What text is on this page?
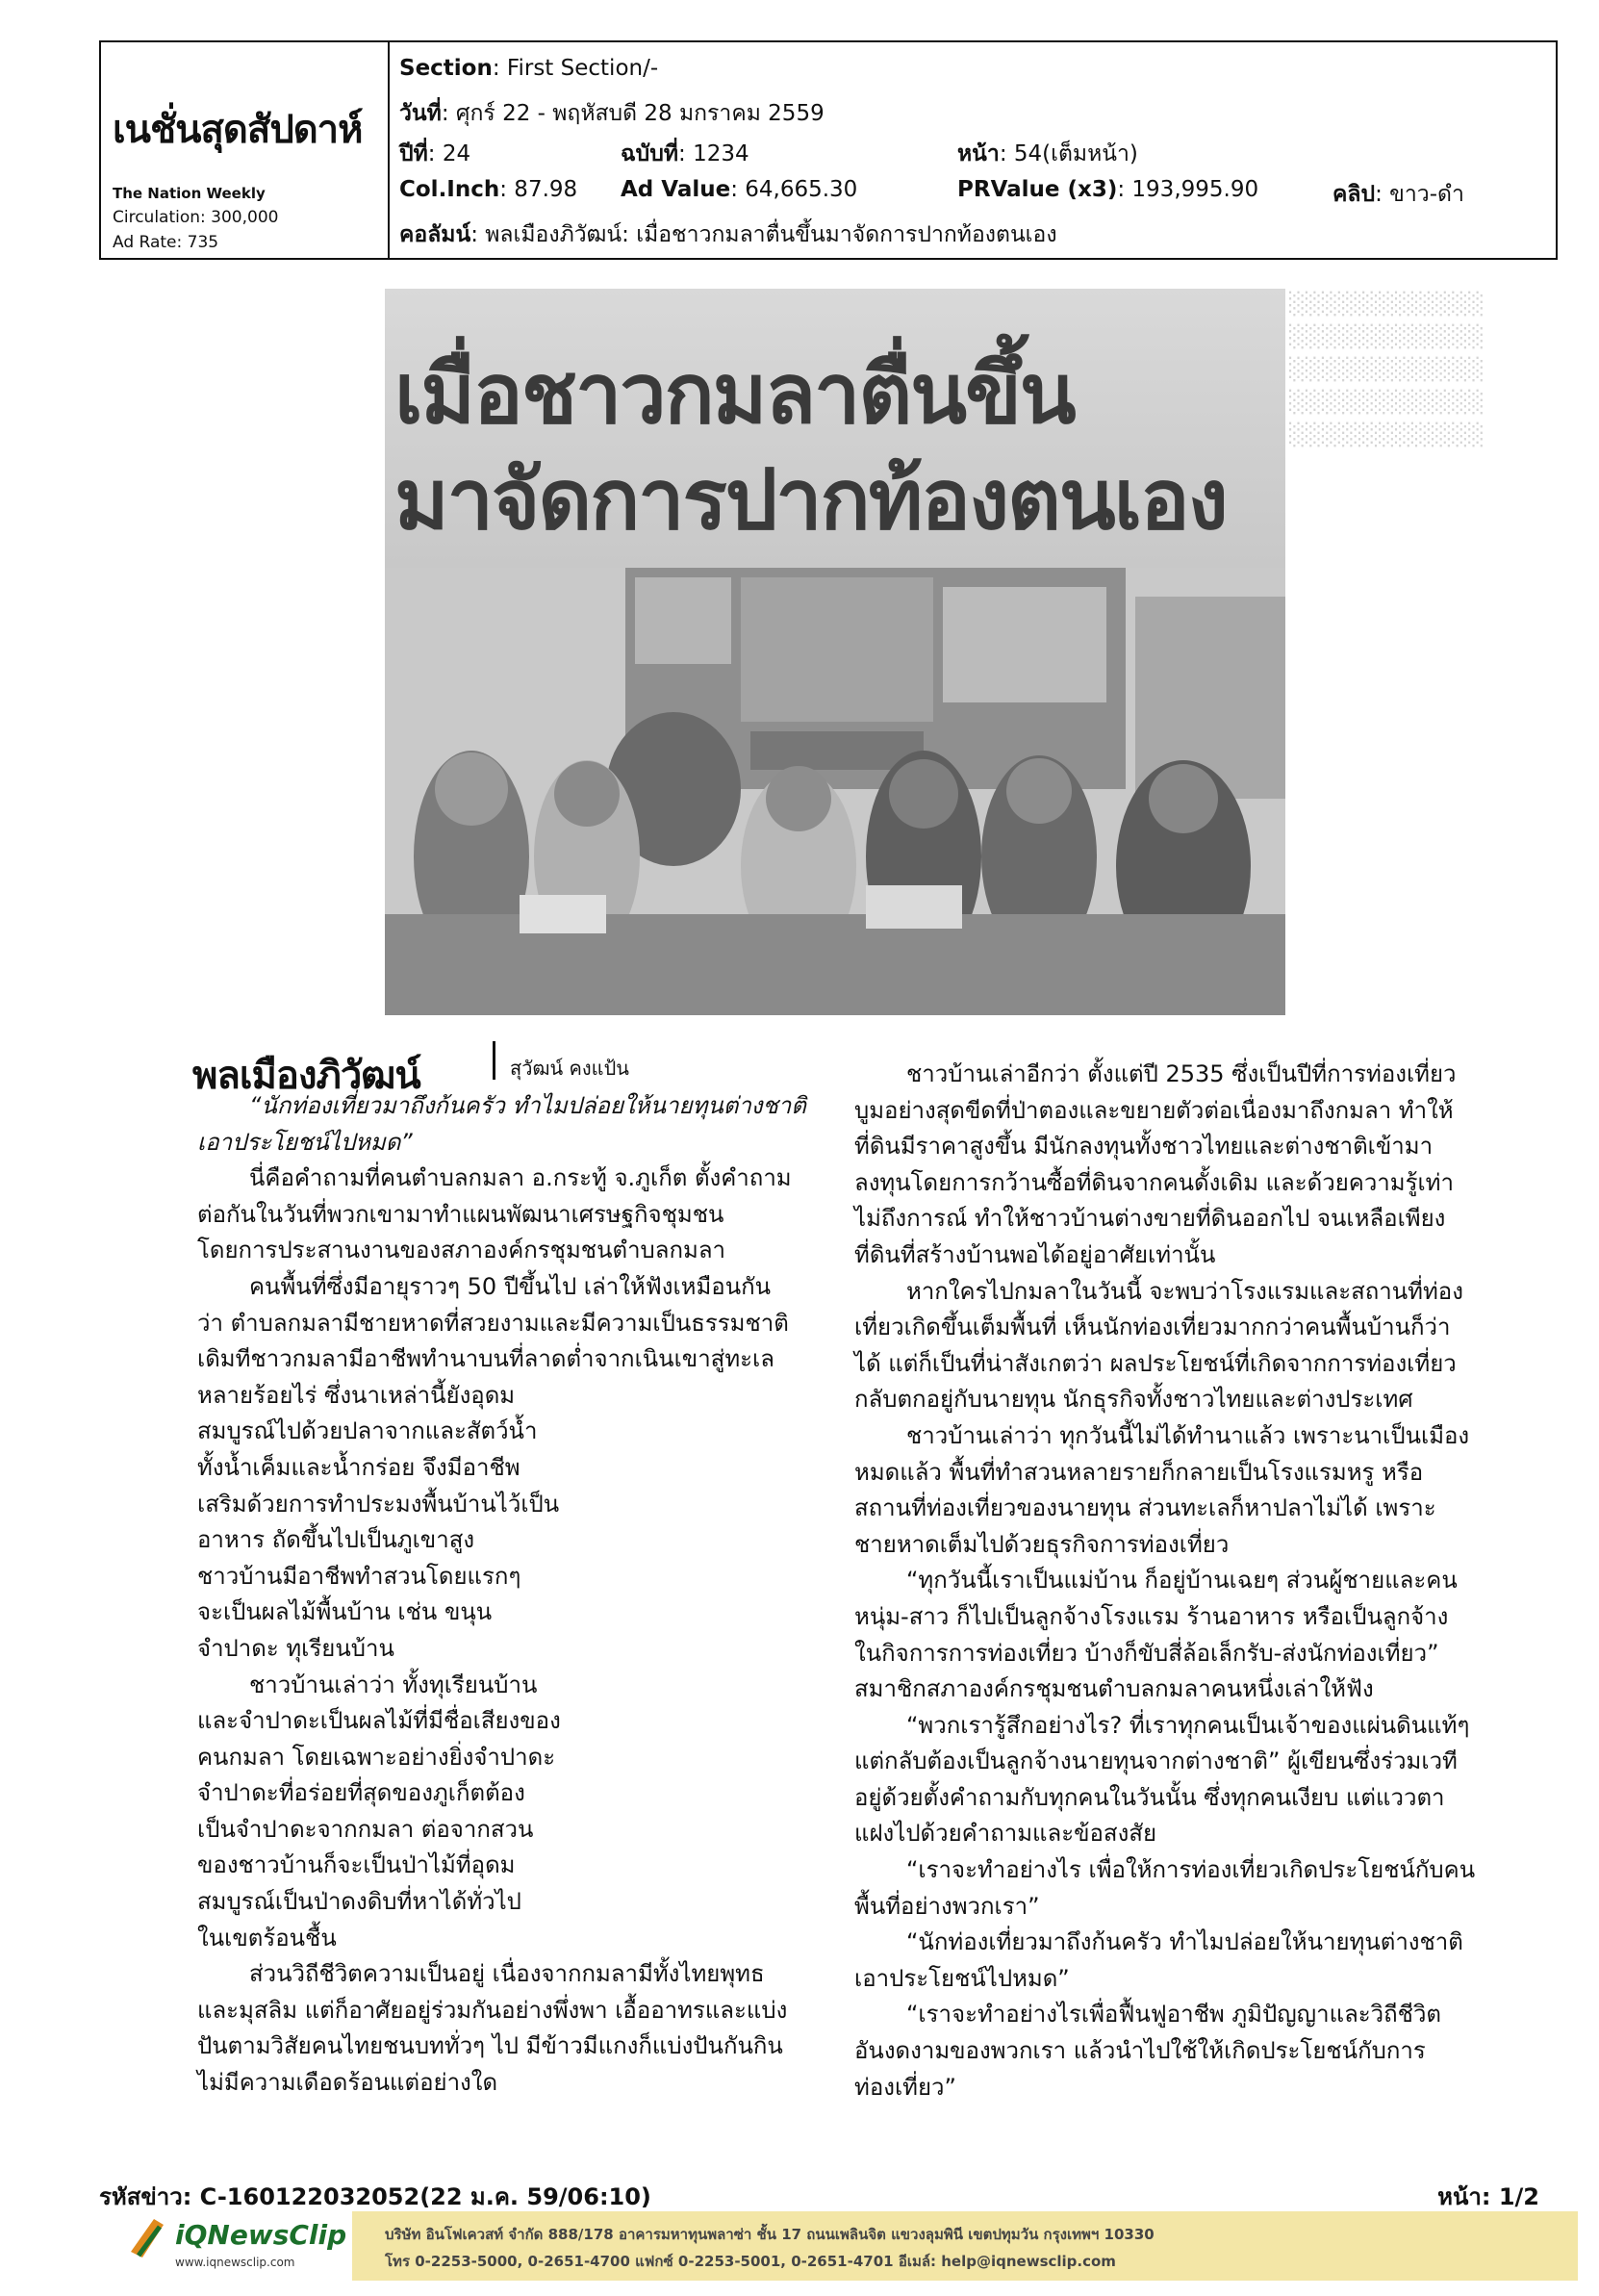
เนชั่นสุดสัปดาห์
The Nation Weekly
Circulation: 300,000
Ad Rate: 735
Section: First Section/-
วันที่: ศุกร์ 22 - พฤหัสบดี 28 มกราคม 2559
ปีที่: 24	ฉบับที่: 1234	หน้า: 54(เต็มหน้า)
Col.Inch: 87.98 Ad Value: 64,665.30	PRValue (x3): 193,995.90	คลิป: ขาว-ดำ
คอลัมน์: พลเมืองภิวัฒน์: เมื่อชาวกมลาตื่นขึ้นมาจัดการปากท้องตนเอง
เมื่อชาวกมลาตื่นขึ้น
มาจัดการปากท้องตนเอง
พลเมืองภิวัฒน์	สุวัฒน์ คงแป้น
░░░░░░░░░░░░
░░░░░░░░░░░░
░░░░░░░░░░░░
░░░░░░░░░░░░
░░░░░░░░░░░░

“นักท่องเที่ยวมาถึงก้นครัว ทำไมปล่อยให้นายทุนต่างชาติ

เอาประโยชน์ไปหมด”

นี่คือคำถามที่คนตำบลกมลา อ.กระทู้ จ.ภูเก็ต ตั้งคำถาม

ต่อกันในวันที่พวกเขามาทำแผนพัฒนาเศรษฐกิจชุมชน

โดยการประสานงานของสภาองค์กรชุมชนตำบลกมลา

คนพื้นที่ซึ่งมีอายุราวๆ 50 ปีขึ้นไป เล่าให้ฟังเหมือนกัน

ว่า ตำบลกมลามีชายหาดที่สวยงามและมีความเป็นธรรมชาติ

เดิมทีชาวกมลามีอาชีพทำนาบนที่ลาดต่ำจากเนินเขาสู่ทะเล

หลายร้อยไร่ ซึ่งนาเหล่านี้ยังอุดม

สมบูรณ์ไปด้วยปลาจากและสัตว์น้ำ

ทั้งน้ำเค็มและน้ำกร่อย จึงมีอาชีพ

เสริมด้วยการทำประมงพื้นบ้านไว้เป็น

อาหาร ถัดขึ้นไปเป็นภูเขาสูง

ชาวบ้านมีอาชีพทำสวนโดยแรกๆ

จะเป็นผลไม้พื้นบ้าน เช่น ขนุน

จำปาดะ ทุเรียนบ้าน

ชาวบ้านเล่าว่า ทั้งทุเรียนบ้าน

และจำปาดะเป็นผลไม้ที่มีชื่อเสียงของ

คนกมลา โดยเฉพาะอย่างยิ่งจำปาดะ

จำปาดะที่อร่อยที่สุดของภูเก็ตต้อง

เป็นจำปาดะจากกมลา ต่อจากสวน

ของชาวบ้านก็จะเป็นป่าไม้ที่อุดม

สมบูรณ์เป็นป่าดงดิบที่หาได้ทั่วไป

ในเขตร้อนชื้น

ส่วนวิถีชีวิตความเป็นอยู่ เนื่องจากกมลามีทั้งไทยพุทธ

และมุสลิม แต่ก็อาศัยอยู่ร่วมกันอย่างพึ่งพา เอื้ออาทรและแบ่ง

ปันตามวิสัยคนไทยชนบททั่วๆ ไป มีข้าวมีแกงก็แบ่งปันกันกิน

ไม่มีความเดือดร้อนแต่อย่างใด

ชาวบ้านเล่าอีกว่า ตั้งแต่ปี 2535 ซึ่งเป็นปีที่การท่องเที่ยว

บูมอย่างสุดขีดที่ป่าตองและขยายตัวต่อเนื่องมาถึงกมลา ทำให้

ที่ดินมีราคาสูงขึ้น มีนักลงทุนทั้งชาวไทยและต่างชาติเข้ามา

ลงทุนโดยการกว้านซื้อที่ดินจากคนดั้งเดิม และด้วยความรู้เท่า

ไม่ถึงการณ์ ทำให้ชาวบ้านต่างขายที่ดินออกไป จนเหลือเพียง

ที่ดินที่สร้างบ้านพอได้อยู่อาศัยเท่านั้น

หากใครไปกมลาในวันนี้ จะพบว่าโรงแรมและสถานที่ท่อง

เที่ยวเกิดขึ้นเต็มพื้นที่ เห็นนักท่องเที่ยวมากกว่าคนพื้นบ้านก็ว่า

ได้ แต่ก็เป็นที่น่าสังเกตว่า ผลประโยชน์ที่เกิดจากการท่องเที่ยว

กลับตกอยู่กับนายทุน นักธุรกิจทั้งชาวไทยและต่างประเทศ

ชาวบ้านเล่าว่า ทุกวันนี้ไม่ได้ทำนาแล้ว เพราะนาเป็นเมือง

หมดแล้ว พื้นที่ทำสวนหลายรายก็กลายเป็นโรงแรมหรู หรือ

สถานที่ท่องเที่ยวของนายทุน ส่วนทะเลก็หาปลาไม่ได้ เพราะ

ชายหาดเต็มไปด้วยธุรกิจการท่องเที่ยว

“ทุกวันนี้เราเป็นแม่บ้าน ก็อยู่บ้านเฉยๆ ส่วนผู้ชายและคน

หนุ่ม-สาว ก็ไปเป็นลูกจ้างโรงแรม ร้านอาหาร หรือเป็นลูกจ้าง

ในกิจการการท่องเที่ยว บ้างก็ขับสี่ล้อเล็กรับ-ส่งนักท่องเที่ยว”

สมาชิกสภาองค์กรชุมชนตำบลกมลาคนหนึ่งเล่าให้ฟัง

“พวกเรารู้สึกอย่างไร? ที่เราทุกคนเป็นเจ้าของแผ่นดินแท้ๆ

แต่กลับต้องเป็นลูกจ้างนายทุนจากต่างชาติ” ผู้เขียนซึ่งร่วมเวที

อยู่ด้วยตั้งคำถามกับทุกคนในวันนั้น ซึ่งทุกคนเงียบ แต่แววตา

แฝงไปด้วยคำถามและข้อสงสัย

“เราจะทำอย่างไร เพื่อให้การท่องเที่ยวเกิดประโยชน์กับคน

พื้นที่อย่างพวกเรา”

“นักท่องเที่ยวมาถึงก้นครัว ทำไมปล่อยให้นายทุนต่างชาติ

เอาประโยชน์ไปหมด”

“เราจะทำอย่างไรเพื่อฟื้นฟูอาชีพ ภูมิปัญญาและวิถีชีวิต

อันงดงามของพวกเรา แล้วนำไปใช้ให้เกิดประโยชน์กับการ

ท่องเที่ยว”

รหัสข่าว: C-160122032052(22 ม.ค. 59/06:10)	หน้า: 1/2
iQNewsClip
www.iqnewsclip.com
บริษัท อินโฟเควสท์ จำกัด 888/178 อาคารมหาทุนพลาซ่า ชั้น 17 ถนนเพลินจิต แขวงลุมพินี เขตปทุมวัน กรุงเทพฯ 10330
โทร 0-2253-5000, 0-2651-4700 แฟกซ์ 0-2253-5001, 0-2651-4701 อีเมล์: help@iqnewsclip.com
